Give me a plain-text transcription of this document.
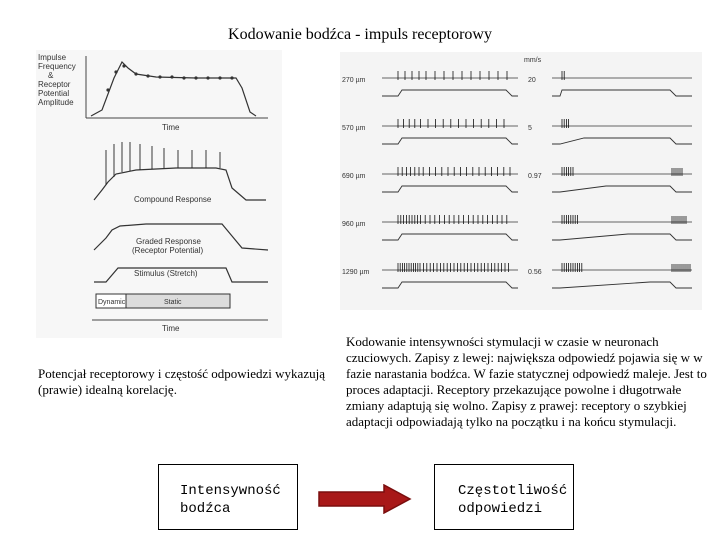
Kodowanie bodźca - impuls receptorowy
Impulse
Frequency
&
Receptor
Potential
Amplitude
Time
Compound Response
Graded Response
(Receptor Potential)
Stimulus (Stretch)
Dynamic	Static
Time
mm/s
270 µm	20
570 µm	5
690 µm	0.97
960 µm
1290 µm	0.56
Potencjał receptorowy i częstość odpowiedzi wykazują (prawie) idealną korelację.
Kodowanie intensywności stymulacji w czasie w neuronach czuciowych. Zapisy z lewej: największa odpowiedź pojawia się w w fazie narastania bodźca. W fazie statycznej odpowiedź maleje. Jest to proces adaptacji. Receptory przekazujące powolne i długotrwałe zmiany adaptują się wolno. Zapisy z prawej: receptory o szybkiej adaptacji odpowiadają tylko na początku i na końcu stymulacji.
Intensywność
bodźca
Częstotliwość
odpowiedzi
